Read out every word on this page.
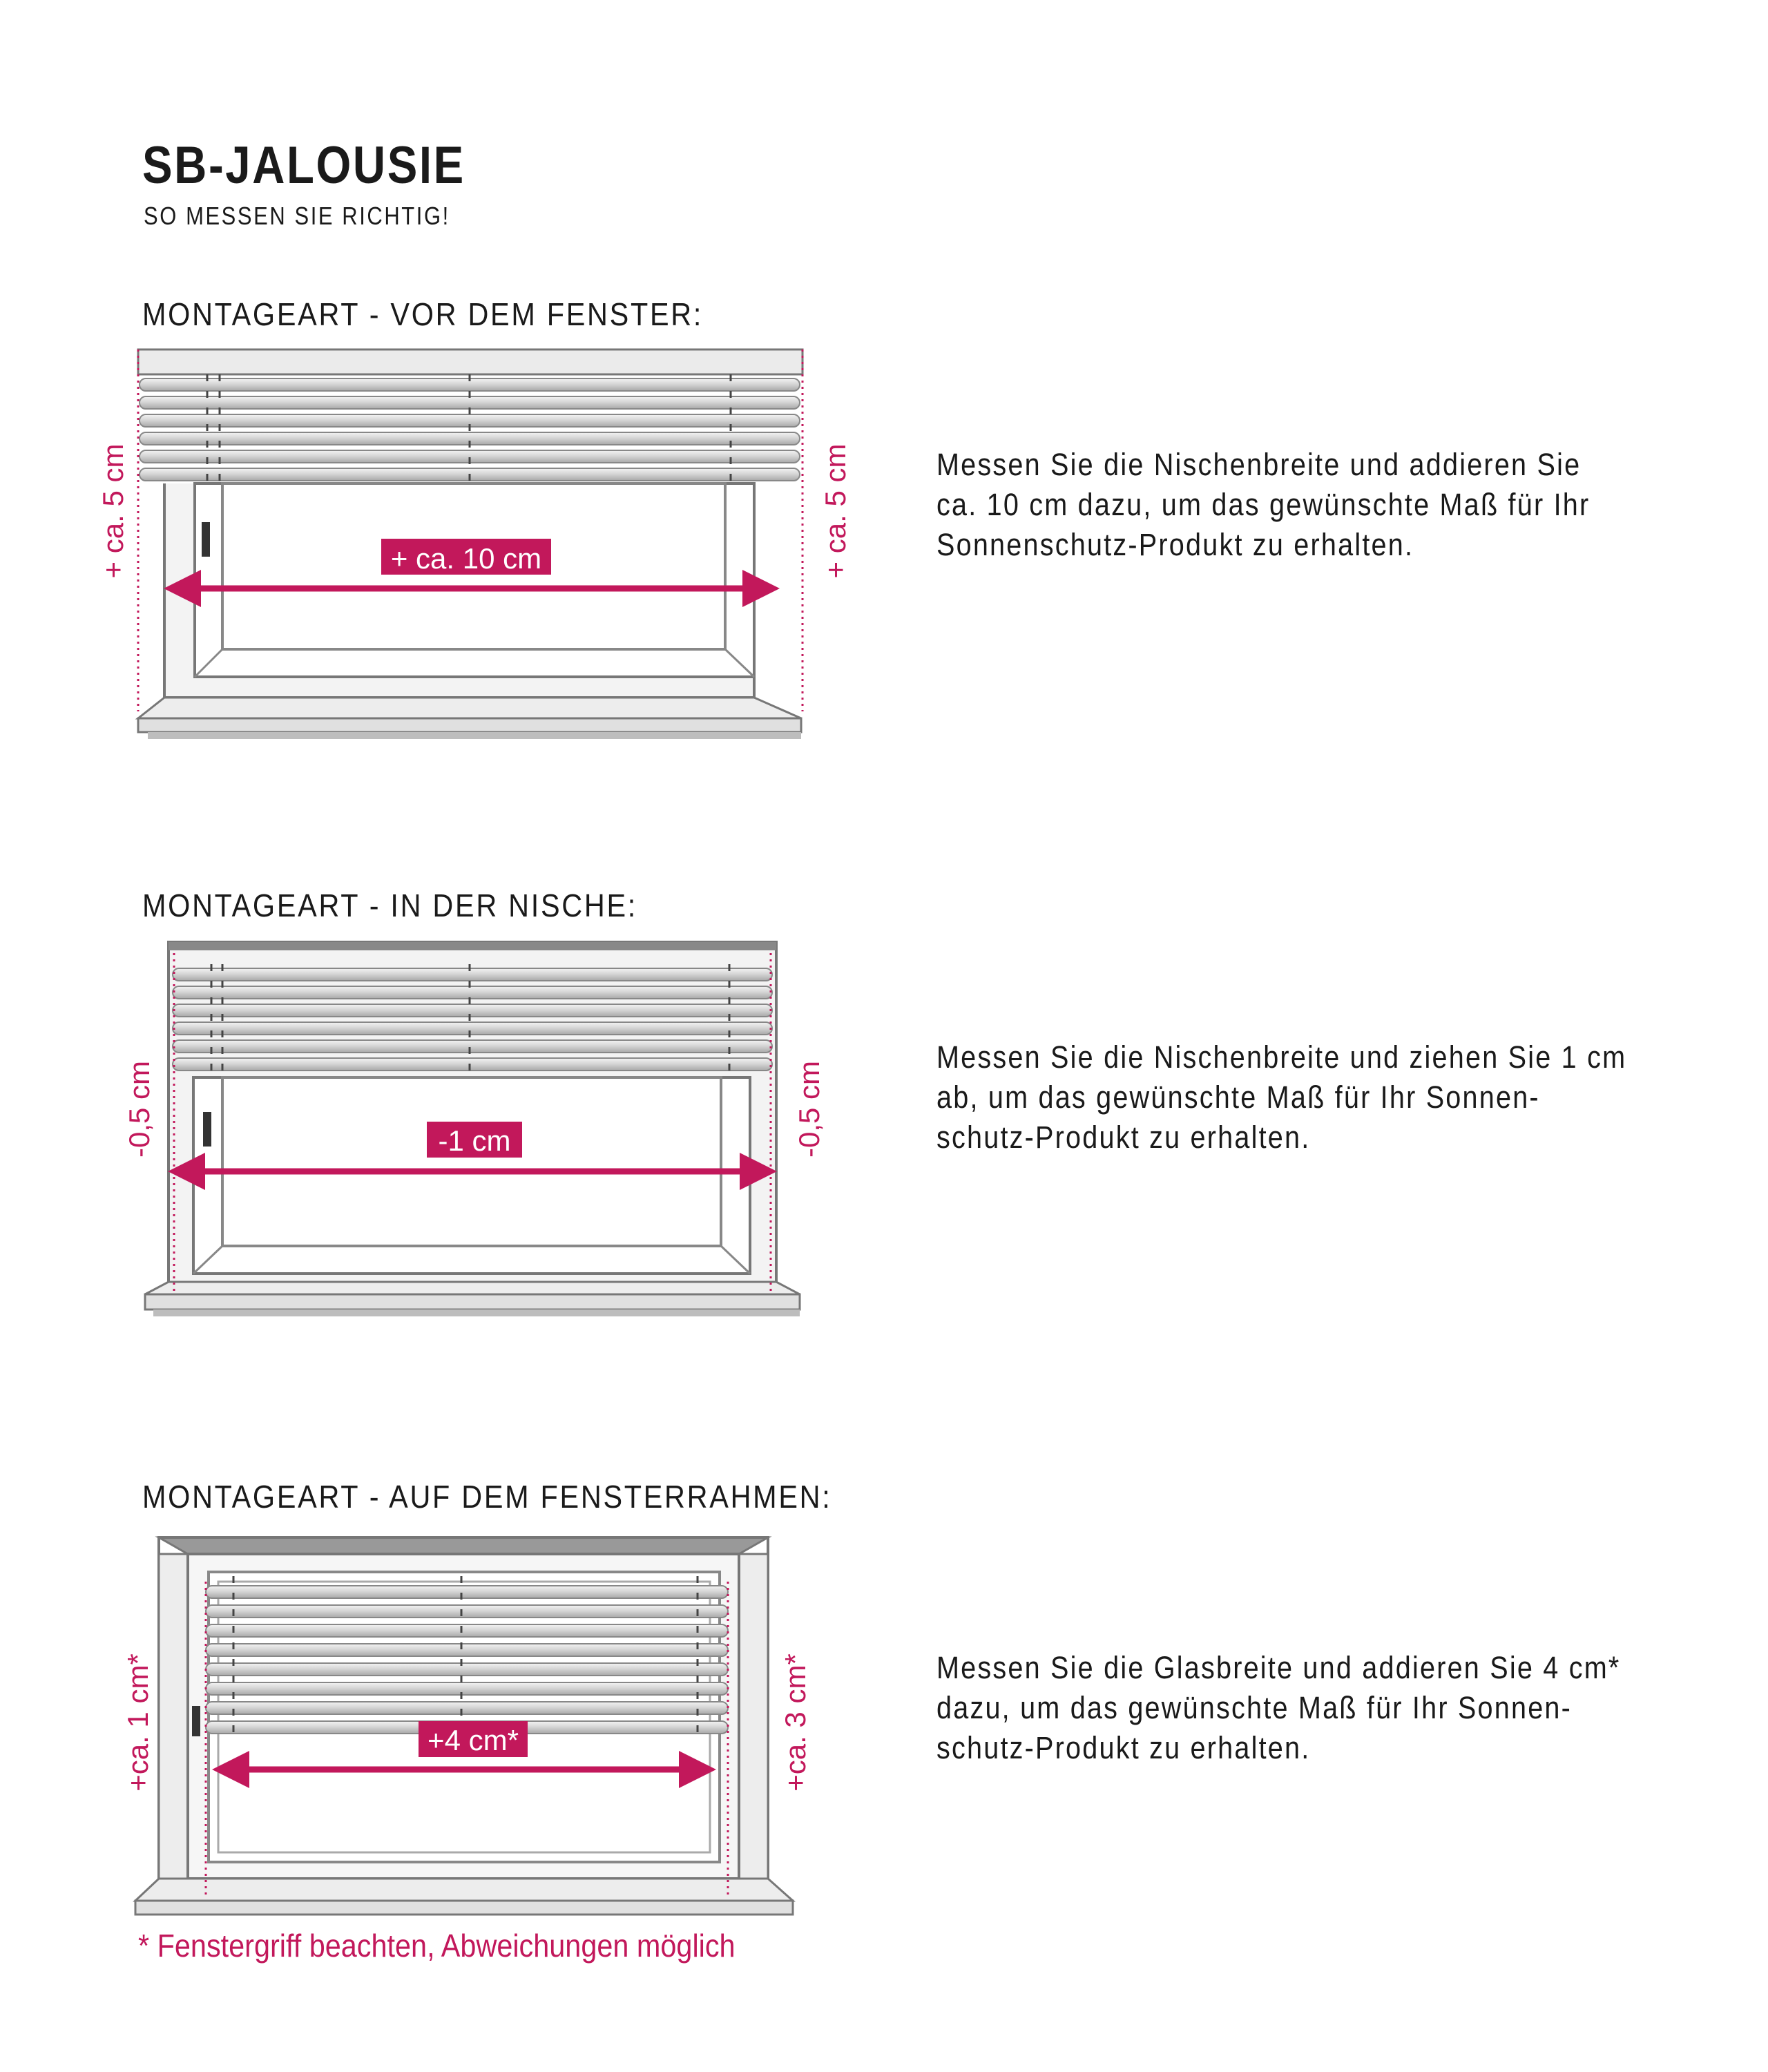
SB-JALOUSIE
SO MESSEN SIE RICHTIG!
MONTAGEART - VOR DEM FENSTER:
MONTAGEART - IN DER NISCHE:
MONTAGEART - AUF DEM FENSTERRAHMEN:
Messen Sie die Nischenbreite und addieren Sie
ca. 10 cm dazu, um das gewünschte Maß für Ihr
Sonnenschutz-Produkt zu erhalten.
Messen Sie die Nischenbreite und ziehen Sie 1 cm
ab, um das gewünschte Maß für Ihr Sonnen-
schutz-Produkt zu erhalten.
Messen Sie die Glasbreite und addieren Sie 4 cm*
dazu, um das gewünschte Maß für Ihr Sonnen-
schutz-Produkt zu erhalten.
+ ca. 10 cm
+ ca. 5 cm	+ ca. 5 cm
-1 cm
-0,5 cm	-0,5 cm
+4 cm*
+ca. 1 cm*	+ca. 3 cm*
* Fenstergriff beachten, Abweichungen möglich
